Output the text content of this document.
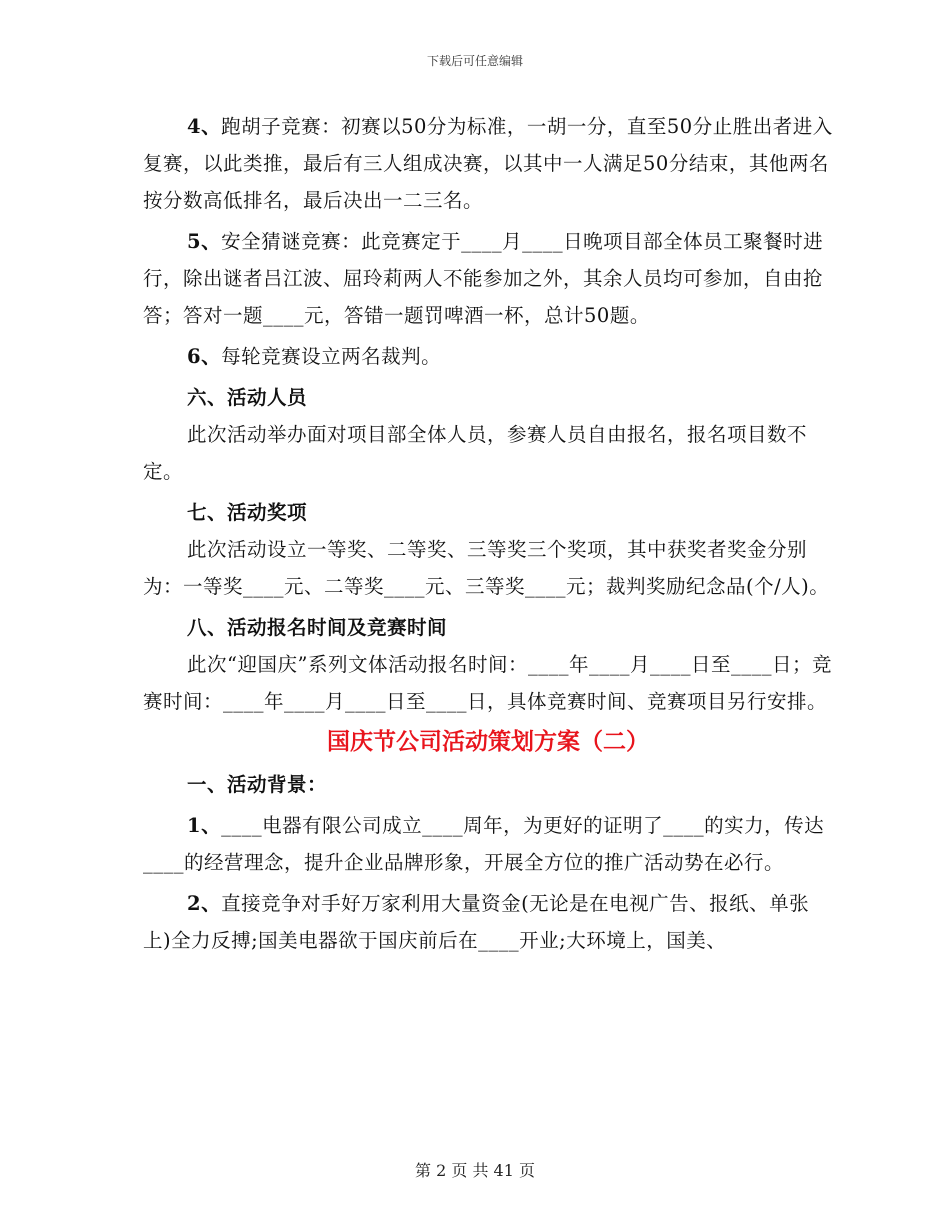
下载后可任意编辑

4、跑胡子竞赛：初赛以50分为标准，一胡一分，直至50分止胜出者进入复赛，以此类推，最后有三人组成决赛，以其中一人满足50分结束，其他两名按分数高低排名，最后决出一二三名。

5、安全猜谜竞赛：此竞赛定于____月____日晚项目部全体员工聚餐时进行，除出谜者吕江波、屈玲莉两人不能参加之外，其余人员均可参加，自由抢答；答对一题____元，答错一题罚啤酒一杯，总计50题。

6、每轮竞赛设立两名裁判。

六、活动人员

此次活动举办面对项目部全体人员，参赛人员自由报名，报名项目数不定。

七、活动奖项

此次活动设立一等奖、二等奖、三等奖三个奖项，其中获奖者奖金分别为：一等奖____元、二等奖____元、三等奖____元；裁判奖励纪念品(个/人)。

八、活动报名时间及竞赛时间

此次“迎国庆”系列文体活动报名时间：____年____月____日至____日；竞赛时间：____年____月____日至____日，具体竞赛时间、竞赛项目另行安排。

国庆节公司活动策划方案（二）

一、活动背景：

1、____电器有限公司成立____周年，为更好的证明了____的实力，传达____的经营理念，提升企业品牌形象，开展全方位的推广活动势在必行。

2、直接竞争对手好万家利用大量资金(无论是在电视广告、报纸、单张上)全力反搏;国美电器欲于国庆前后在____开业;大环境上，国美、

第 2 页 共 41 页
